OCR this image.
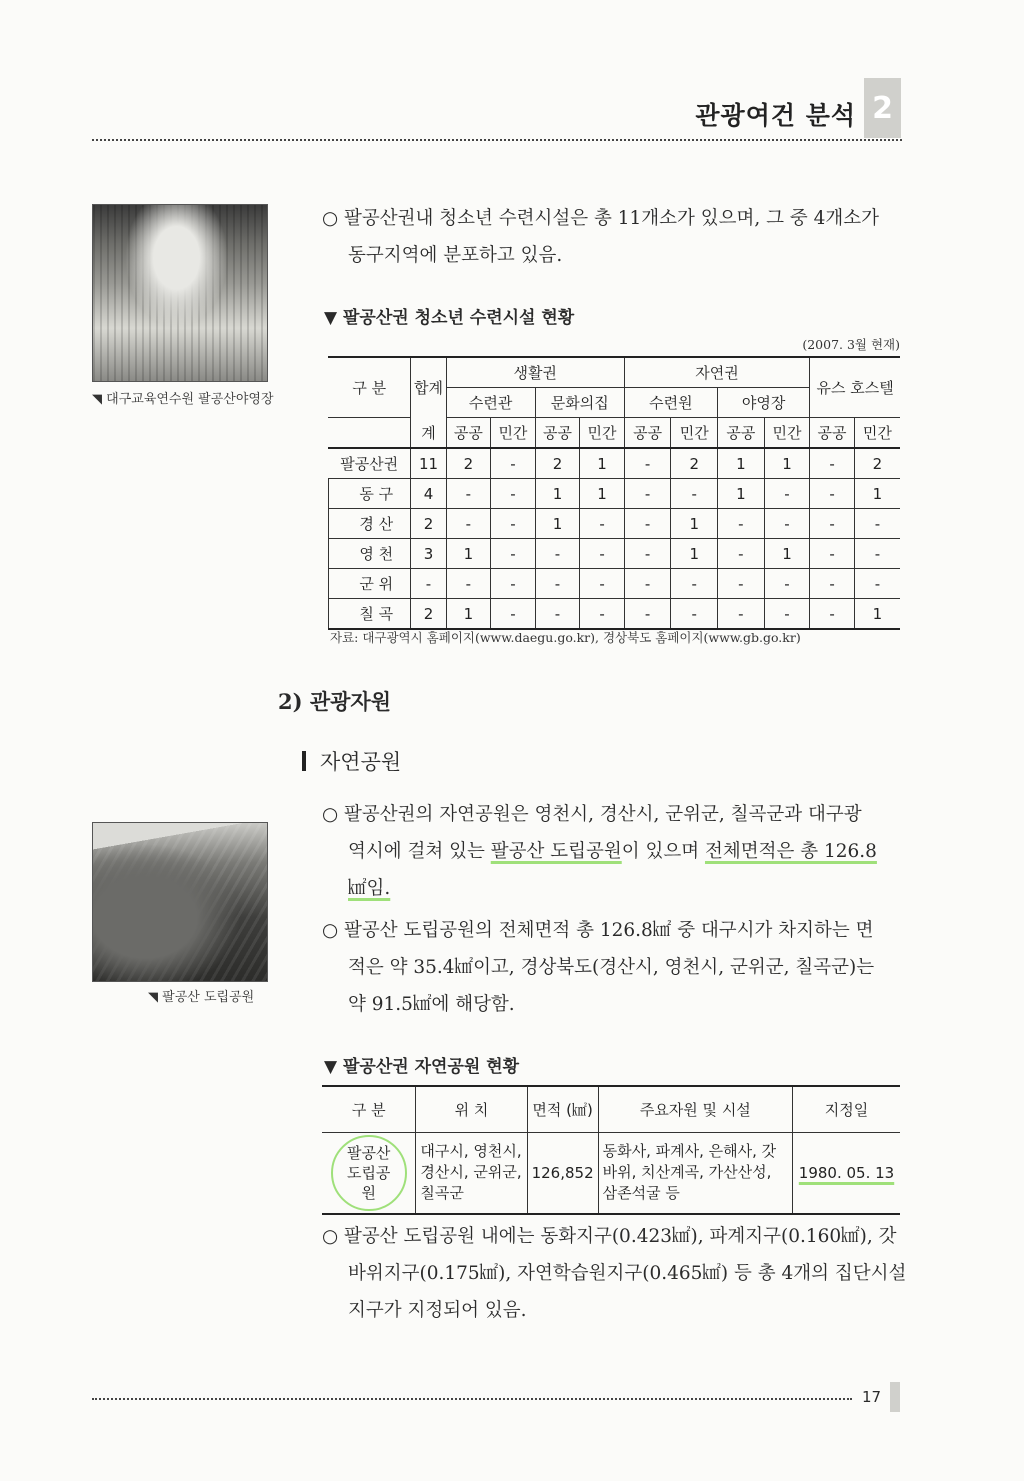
관광여건 분석 2
◥ 대구교육연수원 팔공산야영장
○ 팔공산권내 청소년 수련시설은 총 11개소가 있으며, 그 중 4개소가
동구지역에 분포하고 있음.
▼ 팔공산권 청소년 수련시설 현황
(2007. 3월 현재)
구 분	합계	생활권				자연권				유스 호스텔	
		수련관		문화의집		수련원		야영장			
	계	공공	민간	공공	민간	공공	민간	공공	민간	공공	민간
팔공산권	11	2	-	2	1	-	2	1	1	-	2
동 구	4	-	-	1	1	-	-	1	-	-	1
경 산	2	-	-	1	-	-	1	-	-	-	-
영 천	3	1	-	-	-	-	1	-	1	-	-
군 위	-	-	-	-	-	-	-	-	-	-	-
칠 곡	2	1	-	-	-	-	-	-	-	-	1
자료: 대구광역시 홈페이지(www.daegu.go.kr), 경상북도 홈페이지(www.gb.go.kr)
2) 관광자원
자연공원
◥ 팔공산 도립공원
○ 팔공산권의 자연공원은 영천시, 경산시, 군위군, 칠곡군과 대구광
역시에 걸쳐 있는 팔공산 도립공원이 있으며 전체면적은 총 126.8
㎢임.
○ 팔공산 도립공원의 전체면적 총 126.8㎢ 중 대구시가 차지하는 면
적은 약 35.4㎢이고, 경상북도(경산시, 영천시, 군위군, 칠곡군)는
약 91.5㎢에 해당함.
▼ 팔공산권 자연공원 현황
구 분	위 치	면적 (㎢)	주요자원 및 시설	지정일
팔공산 도립공원	대구시, 영천시, 경산시, 군위군, 칠곡군	126,852	동화사, 파계사, 은해사, 갓바위, 치산계곡, 가산산성, 삼존석굴 등	1980. 05. 13
○ 팔공산 도립공원 내에는 동화지구(0.423㎢), 파계지구(0.160㎢), 갓
바위지구(0.175㎢), 자연학습원지구(0.465㎢) 등 총 4개의 집단시설
지구가 지정되어 있음.
17
